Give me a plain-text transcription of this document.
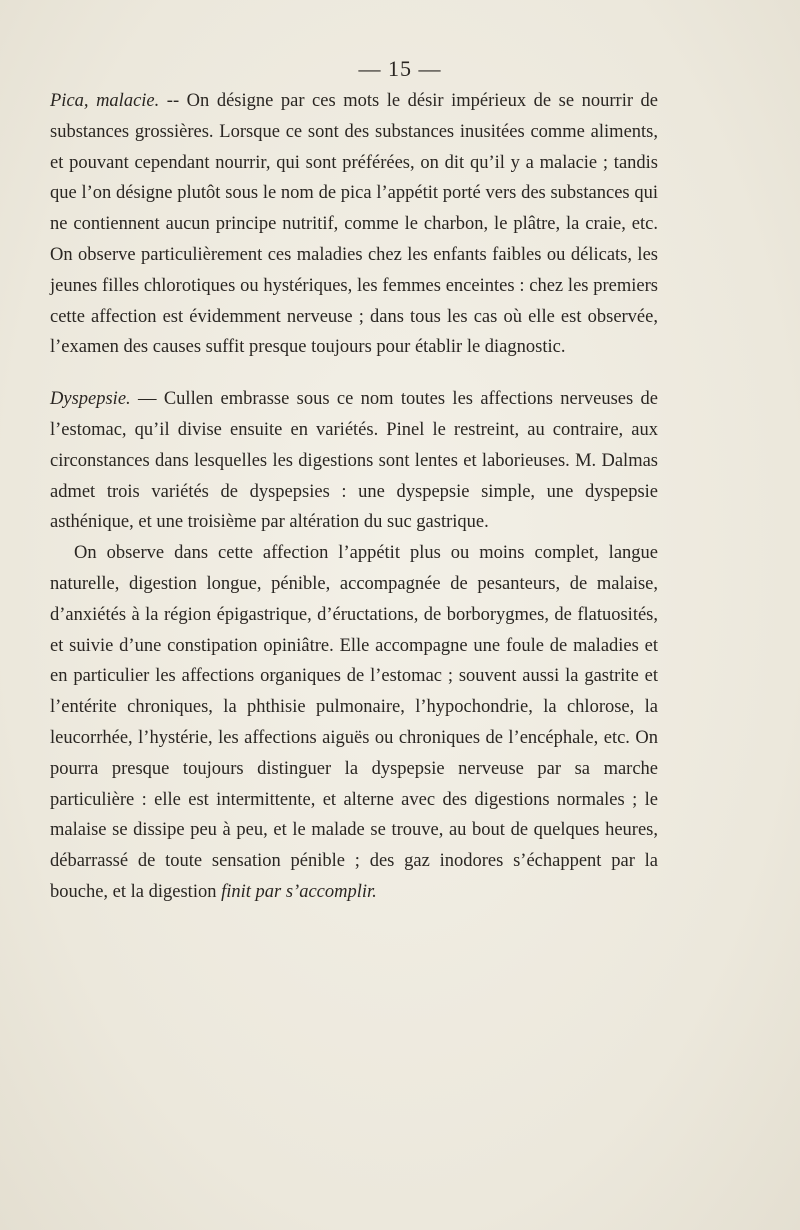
— 15 —

Pica, malacie. -- On désigne par ces mots le désir impérieux de se nourrir de substances grossières. Lorsque ce sont des substances inusitées comme aliments, et pouvant cependant nourrir, qui sont préférées, on dit qu’il y a malacie ; tandis que l’on désigne plutôt sous le nom de pica l’appétit porté vers des substances qui ne contiennent aucun principe nutritif, comme le charbon, le plâtre, la craie, etc. On observe particulièrement ces maladies chez les enfants faibles ou délicats, les jeunes filles chlorotiques ou hystériques, les femmes enceintes : chez les premiers cette affection est évidemment nerveuse ; dans tous les cas où elle est observée, l’examen des causes suffit presque toujours pour établir le diagnostic.

Dyspepsie. — Cullen embrasse sous ce nom toutes les affections nerveuses de l’estomac, qu’il divise ensuite en variétés. Pinel le restreint, au contraire, aux circonstances dans lesquelles les digestions sont lentes et laborieuses. M. Dalmas admet trois variétés de dyspepsies : une dyspepsie simple, une dyspepsie asthénique, et une troisième par altération du suc gastrique.

On observe dans cette affection l’appétit plus ou moins complet, langue naturelle, digestion longue, pénible, accompagnée de pesanteurs, de malaise, d’anxiétés à la région épigastrique, d’éructations, de borborygmes, de flatuosités, et suivie d’une constipation opiniâtre. Elle accompagne une foule de maladies et en particulier les affections organiques de l’estomac ; souvent aussi la gastrite et l’entérite chroniques, la phthisie pulmonaire, l’hypochondrie, la chlorose, la leucorrhée, l’hystérie, les affections aiguës ou chroniques de l’encéphale, etc. On pourra presque toujours distinguer la dyspepsie nerveuse par sa marche particulière : elle est intermittente, et alterne avec des digestions normales ; le malaise se dissipe peu à peu, et le malade se trouve, au bout de quelques heures, débarrassé de toute sensation pénible ; des gaz inodores s’échappent par la bouche, et la digestion finit par s’accomplir.
